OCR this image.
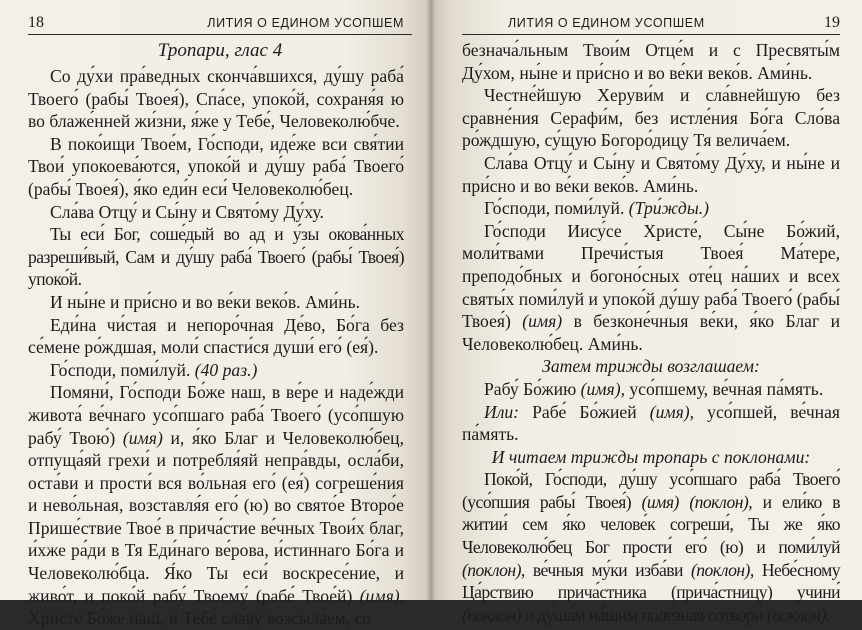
18	ЛИТИЯ О ЕДИНОМ УСОПШЕМ
Тропари, глас 4

Со ду́хи пра́ведных сконча́вшихся, ду́шу раба́ Твоего́ (рабы́ Твоея́), Спа́се, упоко́й, сохраня́я ю во блаже́нней жи́зни, я́же у Тебе́, Человеколю́бче.

В поко́ищи Твое́м, Го́споди, иде́же вси свя́тии Твои́ упокоева́ются, упоко́й и ду́шу раба́ Твоего́ (рабы́ Твоея́), я́ко еди́н еси́ Человеколю́бец.

Сла́ва Отцу́ и Сы́ну и Свято́му Ду́ху.

Ты еси́ Бог, соше́дый во ад и у́зы окова́нных разреши́вый, Сам и ду́шу раба́ Твоего́ (рабы́ Твоея́) упоко́й.

И ны́не и при́сно и во ве́ки веко́в. Ами́нь.

Еди́на чи́стая и непоро́чная Де́во, Бо́га без се́мене ро́ждшая, моли́ спасти́ся души́ его́ (ея́).

Го́споди, поми́луй. (40 раз.)

Помяни́, Го́споди Бо́же наш, в ве́ре и наде́жди живота́ ве́чнаго усо́пшаго раба́ Твоего́ (усо́пшую рабу́ Твою́) (имя) и, я́ко Благ и Человеколю́бец, отпуща́яй грехи́ и потребля́яй непра́вды, осла́би, оста́ви и прости́ вся во́льная его́ (ея́) согреше́ния и нево́льная, возставля́я его́ (ю) во свято́е Второ́е Прише́ствие Твое́ в прича́стие ве́чных Твои́х благ, и́хже ра́ди в Тя Еди́наго ве́рова, и́стиннаго Бо́га и Человеколю́бца. Я́ко Ты еси́ воскресе́ние, и живо́т, и поко́й рабу́ Твоему́ (рабе́ Твое́й) (имя), Христе́ Бо́же наш, и Тебе́ сла́ву возсыла́ем, со

ЛИТИЯ О ЕДИНОМ УСОПШЕМ	19

безнача́льным Твои́м Отце́м и с Пресвяты́м Ду́хом, ны́не и при́сно и во ве́ки веко́в. Ами́нь.

Честне́йшую Херуви́м и сла́внейшую без сравне́ния Серафи́м, без истле́ния Бо́га Сло́ва ро́ждшую, су́щую Богоро́дицу Тя велича́ем.

Сла́ва Отцу́ и Сы́ну и Свято́му Ду́ху, и ны́не и при́сно и во ве́ки веко́в. Ами́нь.

Го́споди, поми́луй. (Три́жды.)

Го́споди Иису́се Христе́, Сы́не Бо́жий, моли́твами Пречи́стыя Твоея́ Ма́тере, преподо́бных и богоно́сных оте́ц на́ших и всех святы́х поми́луй и упоко́й ду́шу раба́ Твоего́ (рабы́ Твоея́) (имя) в безконе́чныя ве́ки, я́ко Благ и Человеколю́бец. Ами́нь.

Затем трижды возглашаем:

Рабу́ Бо́жию (имя), усо́пшему, ве́чная па́мять.

Или: Рабе́ Бо́жией (имя), усо́пшей, ве́чная па́мять.

И читаем трижды тропарь с поклонами:

Поко́й, Го́споди, ду́шу усо́пшаго раба́ Твоего́ (усо́пшия рабы́ Твоея́) (имя) (поклон), и ели́ко в житии́ сем я́ко челове́к согреши́, Ты же я́ко Человеколю́бец Бог прости́ его́ (ю) и поми́луй (поклон), ве́чныя му́ки изба́ви (поклон), Небе́сному Ца́рствию прича́стника (прича́стницу) учини́ (поклон) и ду́ша́м на́шим поле́зная сотвори́ (поклон).
